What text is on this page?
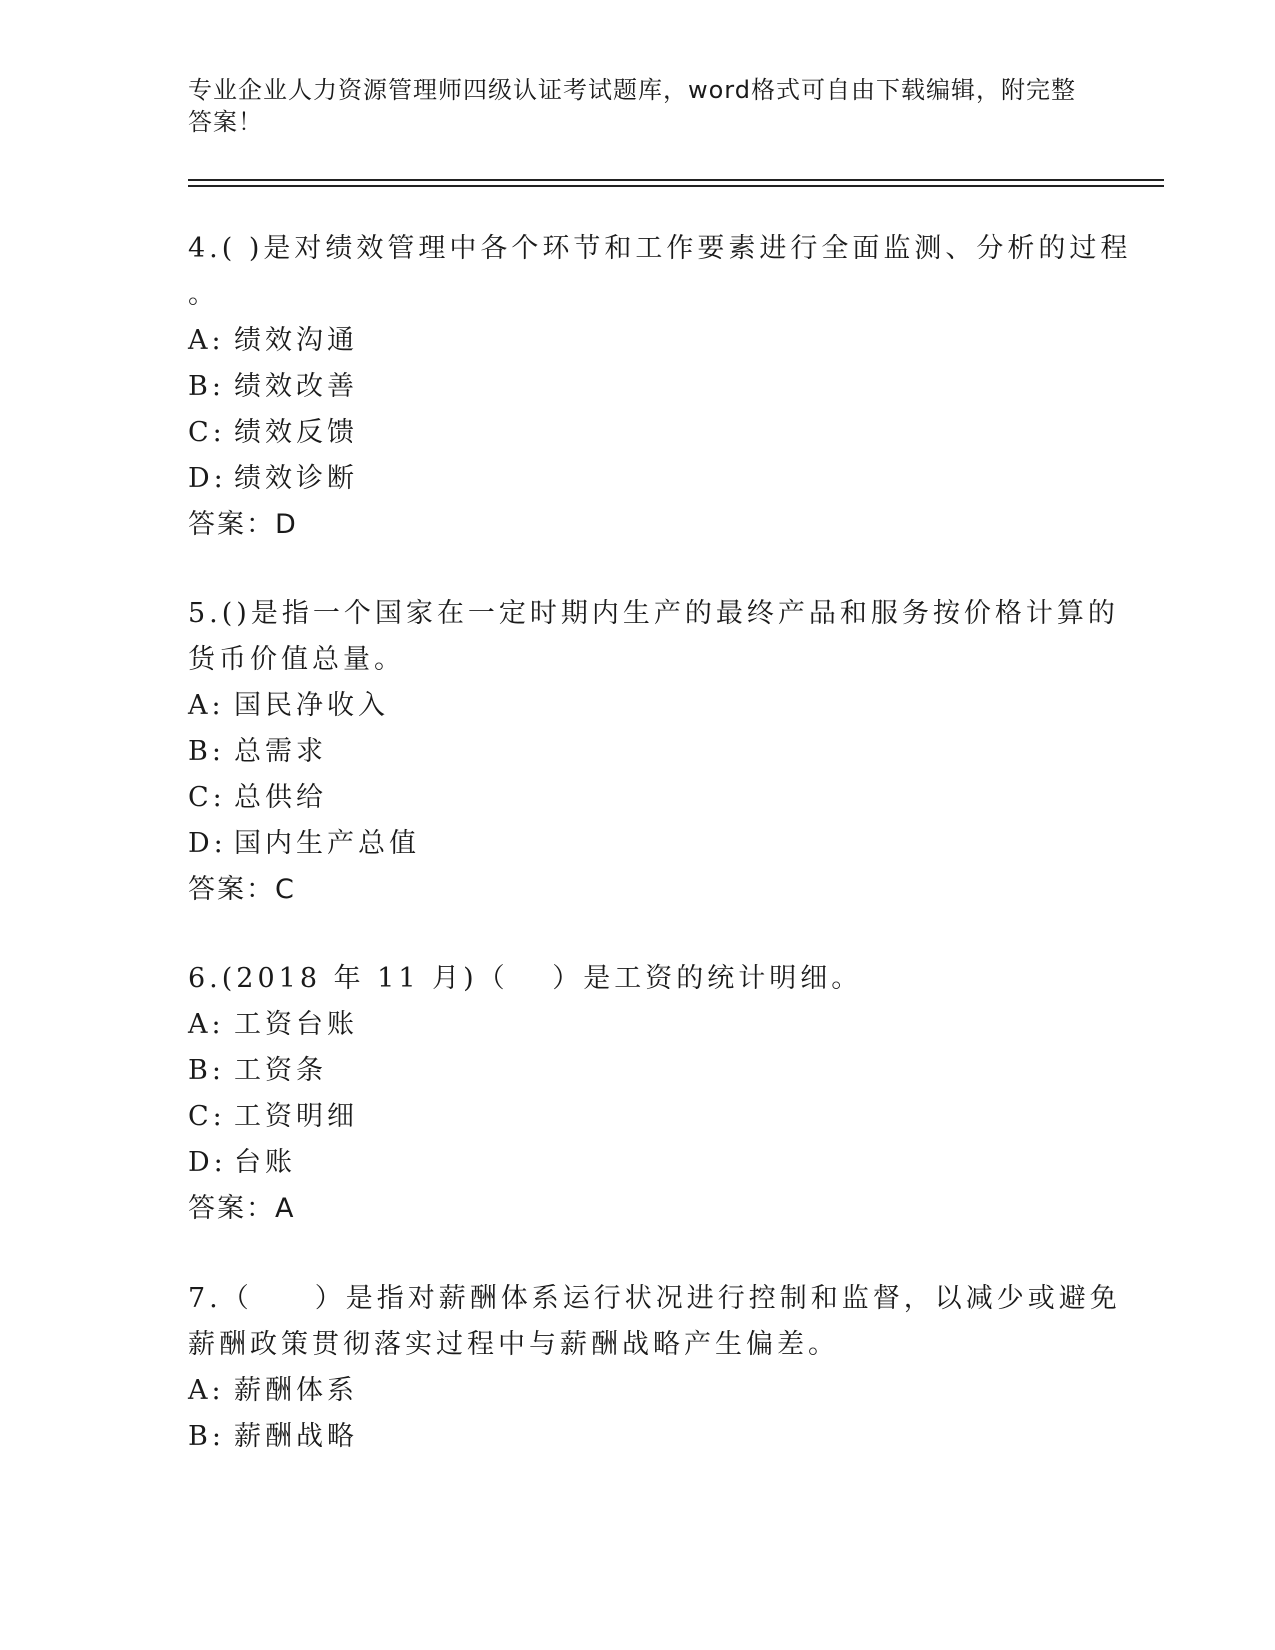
专业企业人力资源管理师四级认证考试题库，word格式可自由下载编辑，附完整
答案！
4.( )是对绩效管理中各个环节和工作要素进行全面监测、分析的过程
。
A: 绩效沟通
B: 绩效改善
C: 绩效反馈
D: 绩效诊断
答案：D
5.()是指一个国家在一定时期内生产的最终产品和服务按价格计算的
货币价值总量。
A: 国民净收入
B: 总需求
C: 总供给
D: 国内生产总值
答案：C
6.(2018 年 11 月)（　 ）是工资的统计明细。
A: 工资台账
B: 工资条
C: 工资明细
D: 台账
答案：A
7.（　　）是指对薪酬体系运行状况进行控制和监督，以减少或避免
薪酬政策贯彻落实过程中与薪酬战略产生偏差。
A: 薪酬体系
B: 薪酬战略
